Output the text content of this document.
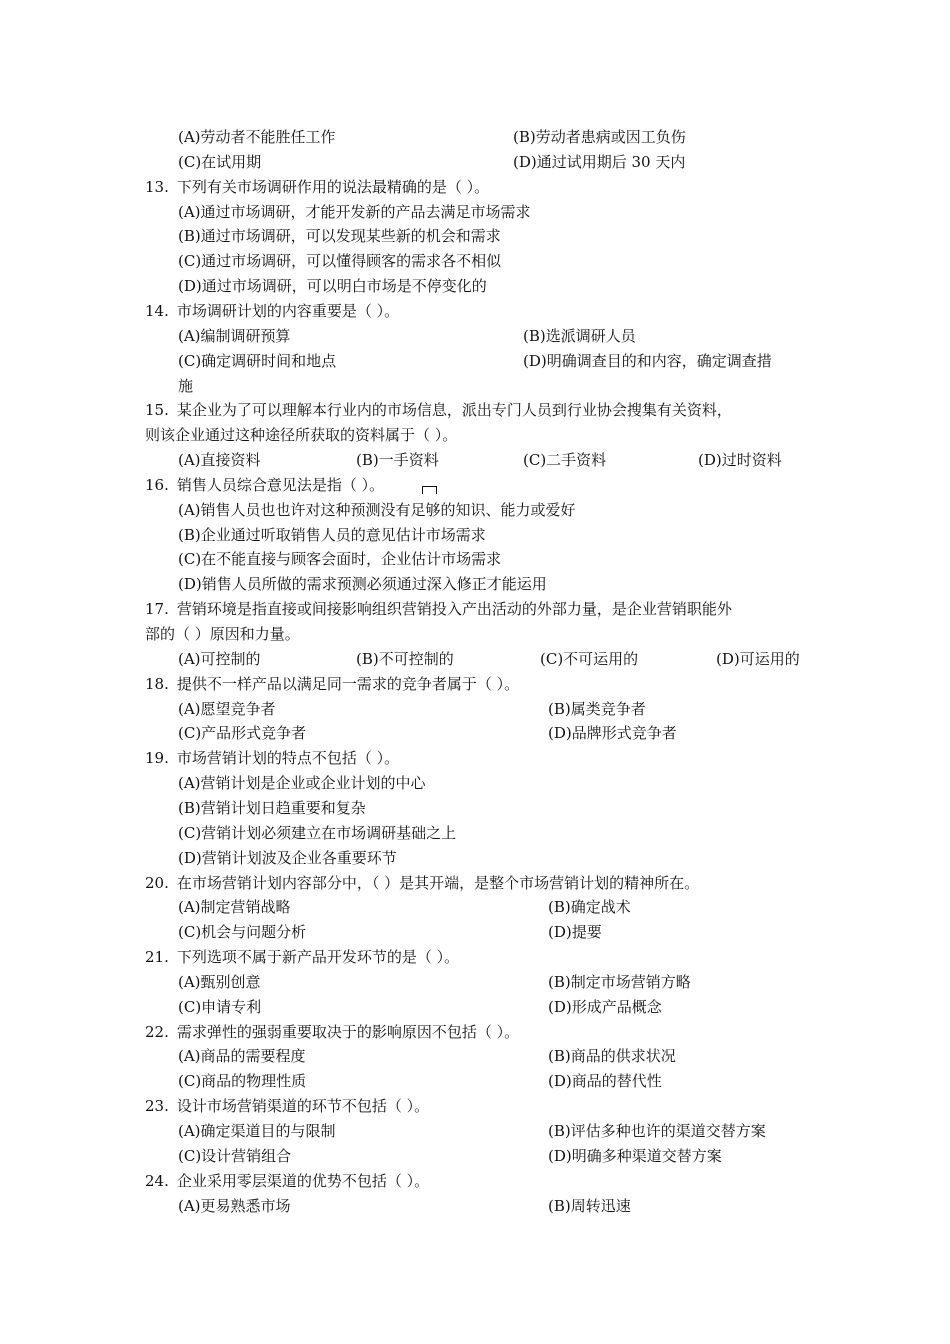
(A)劳动者不能胜任工作	(B)劳动者患病或因工负伤
(C)在试用期	(D)通过试用期后 30 天内
13. 下列有关市场调研作用的说法最精确的是（ ）。
(A)通过市场调研，才能开发新的产品去满足市场需求
(B)通过市场调研，可以发现某些新的机会和需求
(C)通过市场调研，可以懂得顾客的需求各不相似
(D)通过市场调研，可以明白市场是不停变化的
14. 市场调研计划的内容重要是（ ）。
(A)编制调研预算	(B)选派调研人员
(C)确定调研时间和地点	(D)明确调查目的和内容，确定调查措
施
15. 某企业为了可以理解本行业内的市场信息，派出专门人员到行业协会搜集有关资料，
则该企业通过这种途径所获取的资料属于（ ）。
(A)直接资料	(B)一手资料	(C)二手资料	(D)过时资料
16. 销售人员综合意见法是指（ ）。
(A)销售人员也也许对这种预测没有足够的知识、能力或爱好
(B)企业通过听取销售人员的意见估计市场需求
(C)在不能直接与顾客会面时，企业估计市场需求
(D)销售人员所做的需求预测必须通过深入修正才能运用
17. 营销环境是指直接或间接影响组织营销投入产出活动的外部力量，是企业营销职能外
部的（ ）原因和力量。
(A)可控制的	(B)不可控制的	(C)不可运用的	(D)可运用的
18. 提供不一样产品以满足同一需求的竞争者属于（ ）。
(A)愿望竞争者	(B)属类竞争者
(C)产品形式竞争者	(D)品牌形式竞争者
19. 市场营销计划的特点不包括（ ）。
(A)营销计划是企业或企业计划的中心
(B)营销计划日趋重要和复杂
(C)营销计划必须建立在市场调研基础之上
(D)营销计划波及企业各重要环节
20. 在市场营销计划内容部分中，（ ）是其开端，是整个市场营销计划的精神所在。
(A)制定营销战略	(B)确定战术
(C)机会与问题分析	(D)提要
21. 下列选项不属于新产品开发环节的是（ ）。
(A)甄别创意	(B)制定市场营销方略
(C)申请专利	(D)形成产品概念
22. 需求弹性的强弱重要取决于的影响原因不包括（ ）。
(A)商品的需要程度	(B)商品的供求状况
(C)商品的物理性质	(D)商品的替代性
23. 设计市场营销渠道的环节不包括（ ）。
(A)确定渠道目的与限制	(B)评估多种也许的渠道交替方案
(C)设计营销组合	(D)明确多种渠道交替方案
24. 企业采用零层渠道的优势不包括（ ）。
(A)更易熟悉市场	(B)周转迅速
